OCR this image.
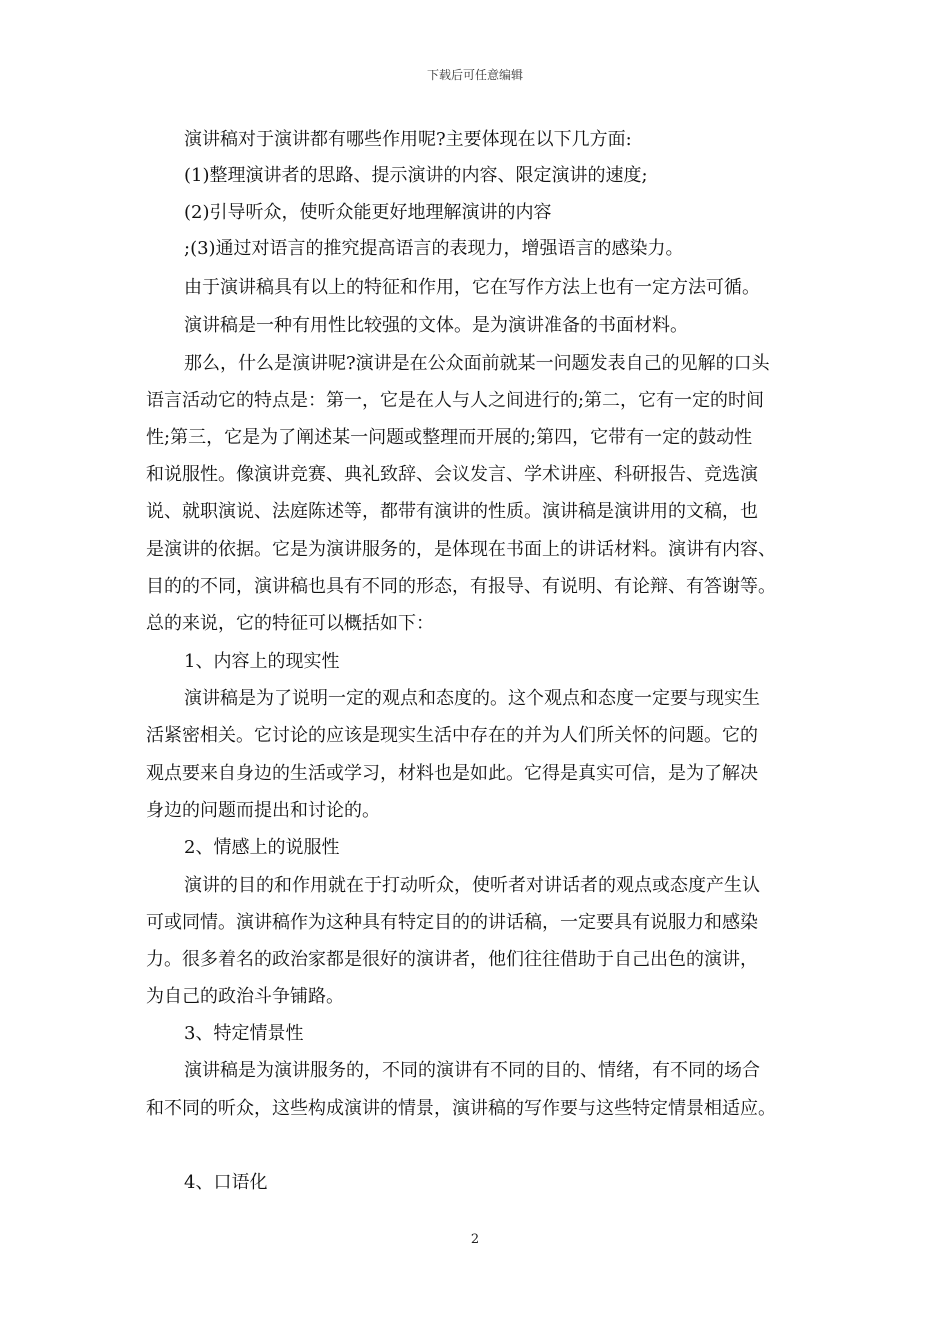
下载后可任意编辑
演讲稿对于演讲都有哪些作用呢?主要体现在以下几方面:
(1)整理演讲者的思路、提示演讲的内容、限定演讲的速度;
(2)引导听众，使听众能更好地理解演讲的内容
;(3)通过对语言的推究提高语言的表现力，增强语言的感染力。
由于演讲稿具有以上的特征和作用，它在写作方法上也有一定方法可循。
演讲稿是一种有用性比较强的文体。是为演讲准备的书面材料。
那么，什么是演讲呢?演讲是在公众面前就某一问题发表自己的见解的口头
语言活动它的特点是：第一，它是在人与人之间进行的;第二，它有一定的时间
性;第三，它是为了阐述某一问题或整理而开展的;第四，它带有一定的鼓动性
和说服性。像演讲竞赛、典礼致辞、会议发言、学术讲座、科研报告、竞选演
说、就职演说、法庭陈述等，都带有演讲的性质。演讲稿是演讲用的文稿，也
是演讲的依据。它是为演讲服务的，是体现在书面上的讲话材料。演讲有内容、
目的的不同，演讲稿也具有不同的形态，有报导、有说明、有论辩、有答谢等。
总的来说，它的特征可以概括如下：
1、内容上的现实性
演讲稿是为了说明一定的观点和态度的。这个观点和态度一定要与现实生
活紧密相关。它讨论的应该是现实生活中存在的并为人们所关怀的问题。它的
观点要来自身边的生活或学习，材料也是如此。它得是真实可信，是为了解决
身边的问题而提出和讨论的。
2、情感上的说服性
演讲的目的和作用就在于打动听众，使听者对讲话者的观点或态度产生认
可或同情。演讲稿作为这种具有特定目的的讲话稿，一定要具有说服力和感染
力。很多着名的政治家都是很好的演讲者，他们往往借助于自己出色的演讲，
为自己的政治斗争铺路。
3、特定情景性
演讲稿是为演讲服务的，不同的演讲有不同的目的、情绪，有不同的场合
和不同的听众，这些构成演讲的情景，演讲稿的写作要与这些特定情景相适应。
4、口语化
2
